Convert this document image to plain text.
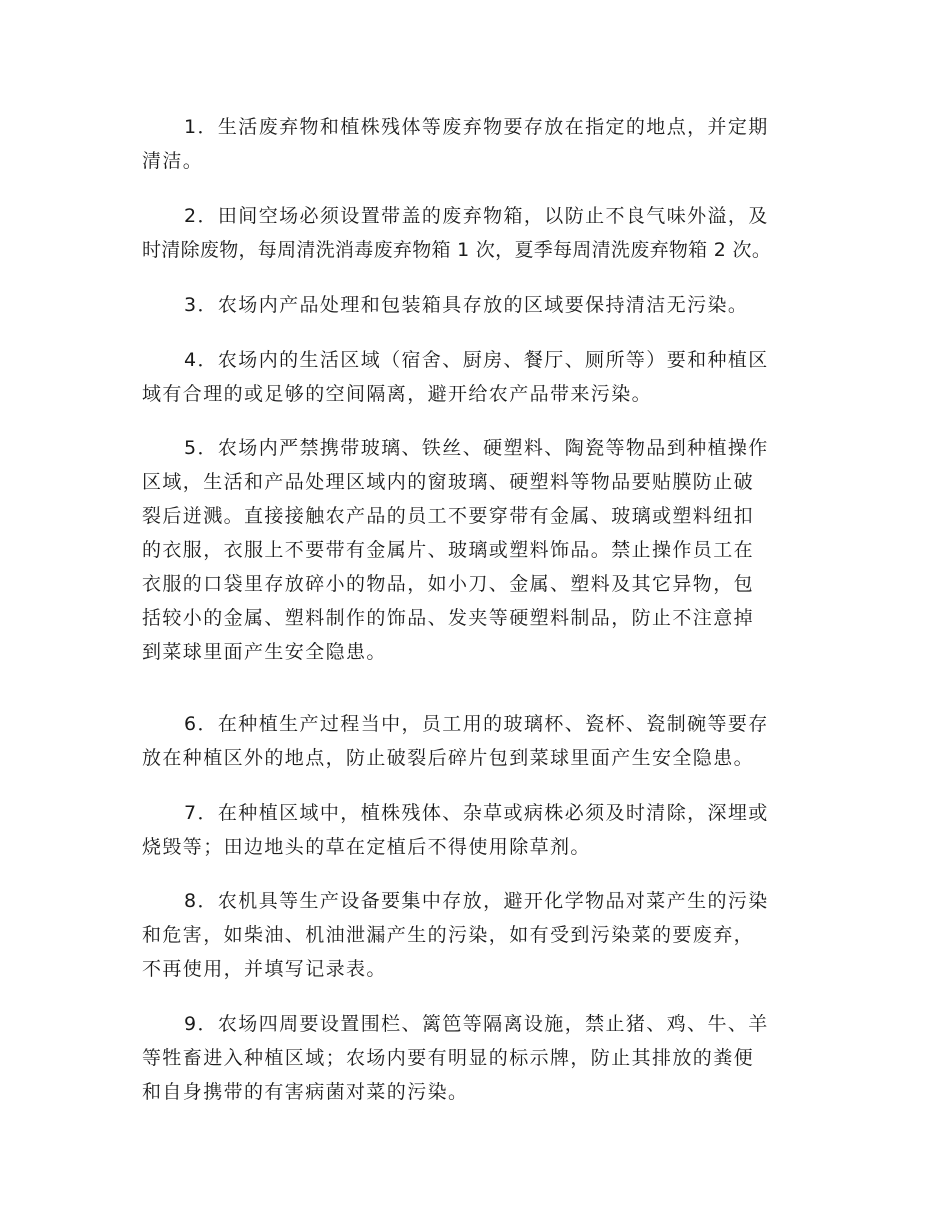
1．生活废弃物和植株残体等废弃物要存放在指定的地点，并定期
清洁。
2．田间空场必须设置带盖的废弃物箱，以防止不良气味外溢，及
时清除废物，每周清洗消毒废弃物箱 1 次，夏季每周清洗废弃物箱 2 次。
3．农场内产品处理和包装箱具存放的区域要保持清洁无污染。
4．农场内的生活区域（宿舍、厨房、餐厅、厕所等）要和种植区
域有合理的或足够的空间隔离，避开给农产品带来污染。
5．农场内严禁携带玻璃、铁丝、硬塑料、陶瓷等物品到种植操作
区域，生活和产品处理区域内的窗玻璃、硬塑料等物品要贴膜防止破
裂后迸溅。直接接触农产品的员工不要穿带有金属、玻璃或塑料纽扣
的衣服，衣服上不要带有金属片、玻璃或塑料饰品。禁止操作员工在
衣服的口袋里存放碎小的物品，如小刀、金属、塑料及其它异物，包
括较小的金属、塑料制作的饰品、发夹等硬塑料制品，防止不注意掉
到菜球里面产生安全隐患。
6．在种植生产过程当中，员工用的玻璃杯、瓷杯、瓷制碗等要存
放在种植区外的地点，防止破裂后碎片包到菜球里面产生安全隐患。
7．在种植区域中，植株残体、杂草或病株必须及时清除，深埋或
烧毁等；田边地头的草在定植后不得使用除草剂。
8．农机具等生产设备要集中存放，避开化学物品对菜产生的污染
和危害，如柴油、机油泄漏产生的污染，如有受到污染菜的要废弃，
不再使用，并填写记录表。
9．农场四周要设置围栏、篱笆等隔离设施，禁止猪、鸡、牛、羊
等牲畜进入种植区域；农场内要有明显的标示牌，防止其排放的粪便
和自身携带的有害病菌对菜的污染。
